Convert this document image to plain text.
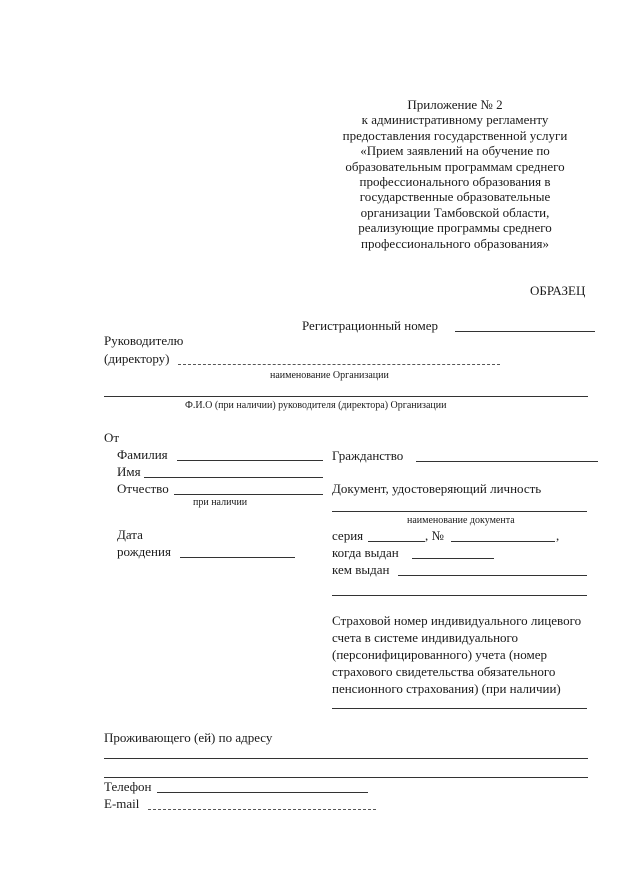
Приложение № 2
к административному регламенту
предоставления государственной услуги
«Прием заявлений на обучение по
образовательным программам среднего
профессионального образования в
государственные образовательные
организации Тамбовской области,
реализующие программы среднего
профессионального образования»
ОБРАЗЕЦ
Регистрационный номер
Руководителю
(директору)
наименование Организации
Ф.И.О (при наличии) руководителя (директора) Организации
От
Фамилия
Имя
Отчество
при наличии
Дата
рождения
Гражданство
Документ, удостоверяющий личность
наименование документа
серия	, №	,
когда выдан
кем выдан
Страховой номер индивидуального лицевого
счета в системе индивидуального
(персонифицированного) учета (номер
страхового свидетельства обязательного
пенсионного страхования) (при наличии)
Проживающего (ей) по адресу
Телефон
E-mail
